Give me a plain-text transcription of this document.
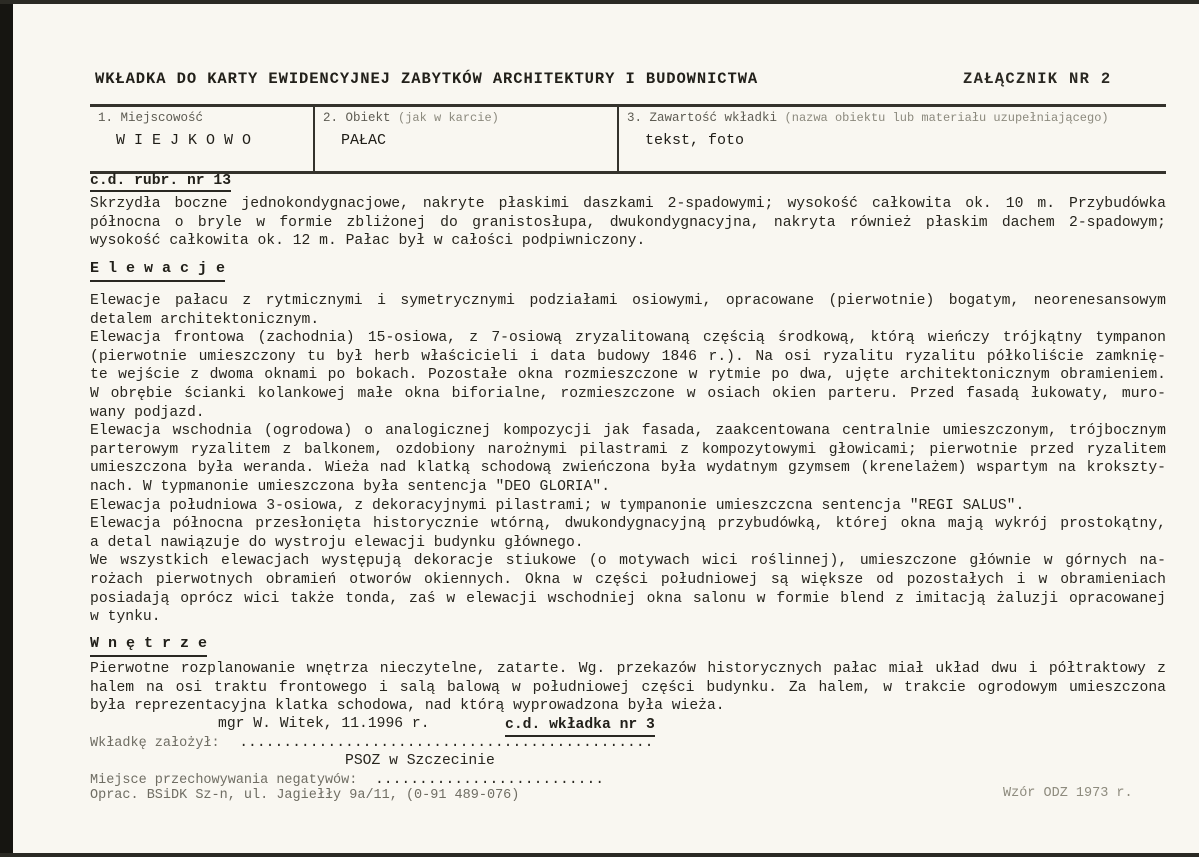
WKŁADKA DO KARTY EWIDENCYJNEJ ZABYTKÓW ARCHITEKTURY I BUDOWNICTWA	ZAŁĄCZNIK NR 2
1. Miejscowość
W I E J K O W O
2. Obiekt (jak w karcie)
PAŁAC
3. Zawartość wkładki (nazwa obiektu lub materiału uzupełniającego)
tekst, foto
c.d. rubr. nr 13
Skrzydła boczne jednokondygnacjowe, nakryte płaskimi daszkami 2-spadowymi; wysokość całkowita ok. 10 m. Przybudówka
północna o bryle w formie zbliżonej do granistosłupa, dwukondygnacyjna, nakryta również płaskim dachem 2-spadowym;
wysokość całkowita ok. 12 m. Pałac był w całości podpiwniczony.
E l e w a c j e
Elewacje pałacu z rytmicznymi i symetrycznymi podziałami osiowymi, opracowane (pierwotnie) bogatym, neorenesansowym
detalem architektonicznym.
Elewacja frontowa (zachodnia) 15-osiowa, z 7-osiową zryzalitowaną częścią środkową, którą wieńczy trójkątny tympanon
(pierwotnie umieszczony tu był herb właścicieli i data budowy 1846 r.). Na osi ryzalitu ryzalitu półkoliście zamknię-
te wejście z dwoma oknami po bokach. Pozostałe okna rozmieszczone w rytmie po dwa, ujęte architektonicznym obramieniem.
W obrębie ścianki kolankowej małe okna biforialne, rozmieszczone w osiach okien parteru. Przed fasadą łukowaty, muro-
wany podjazd.
Elewacja wschodnia (ogrodowa) o analogicznej kompozycji jak fasada, zaakcentowana centralnie umieszczonym, trójbocznym
parterowym ryzalitem z balkonem, ozdobiony narożnymi pilastrami z kompozytowymi głowicami; pierwotnie przed ryzalitem
umieszczona była weranda. Wieża nad klatką schodową zwieńczona była wydatnym gzymsem (krenelażem) wspartym na krokszty-
nach. W typmanonie umieszczona była sentencja "DEO GLORIA".
Elewacja południowa 3-osiowa, z dekoracyjnymi pilastrami; w tympanonie umieszczcna sentencja "REGI SALUS".
Elewacja północna przesłonięta historycznie wtórną, dwukondygnacyjną przybudówką, której okna mają wykrój prostokątny,
a detal nawiązuje do wystroju elewacji budynku głównego.
We wszystkich elewacjach występują dekoracje stiukowe (o motywach wici roślinnej), umieszczone głównie w górnych na-
rożach pierwotnych obramień otworów okiennych. Okna w części południowej są większe od pozostałych i w obramieniach
posiadają oprócz wici także tonda, zaś w elewacji wschodniej okna salonu w formie blend z imitacją żaluzji opracowanej
w tynku.
W n ę t r z e
Pierwotne rozplanowanie wnętrza nieczytelne, zatarte. Wg. przekazów historycznych pałac miał układ dwu i półtraktowy z
halem na osi traktu frontowego i salą balową w południowej części budynku. Za halem, w trakcie ogrodowym umieszczona
była reprezentacyjna klatka schodowa, nad którą wyprowadzona była wieża.
mgr W. Witek, 11.1996 r.	c.d. wkładka nr 3
Wkładkę założył: ...............................................
PSOZ w Szczecinie
Miejsce przechowywania negatywów: ..........................
Oprac. BSiDK Sz-n, ul. Jagiełły 9a/11, (0-91 489-076)	Wzór ODZ 1973 r.
